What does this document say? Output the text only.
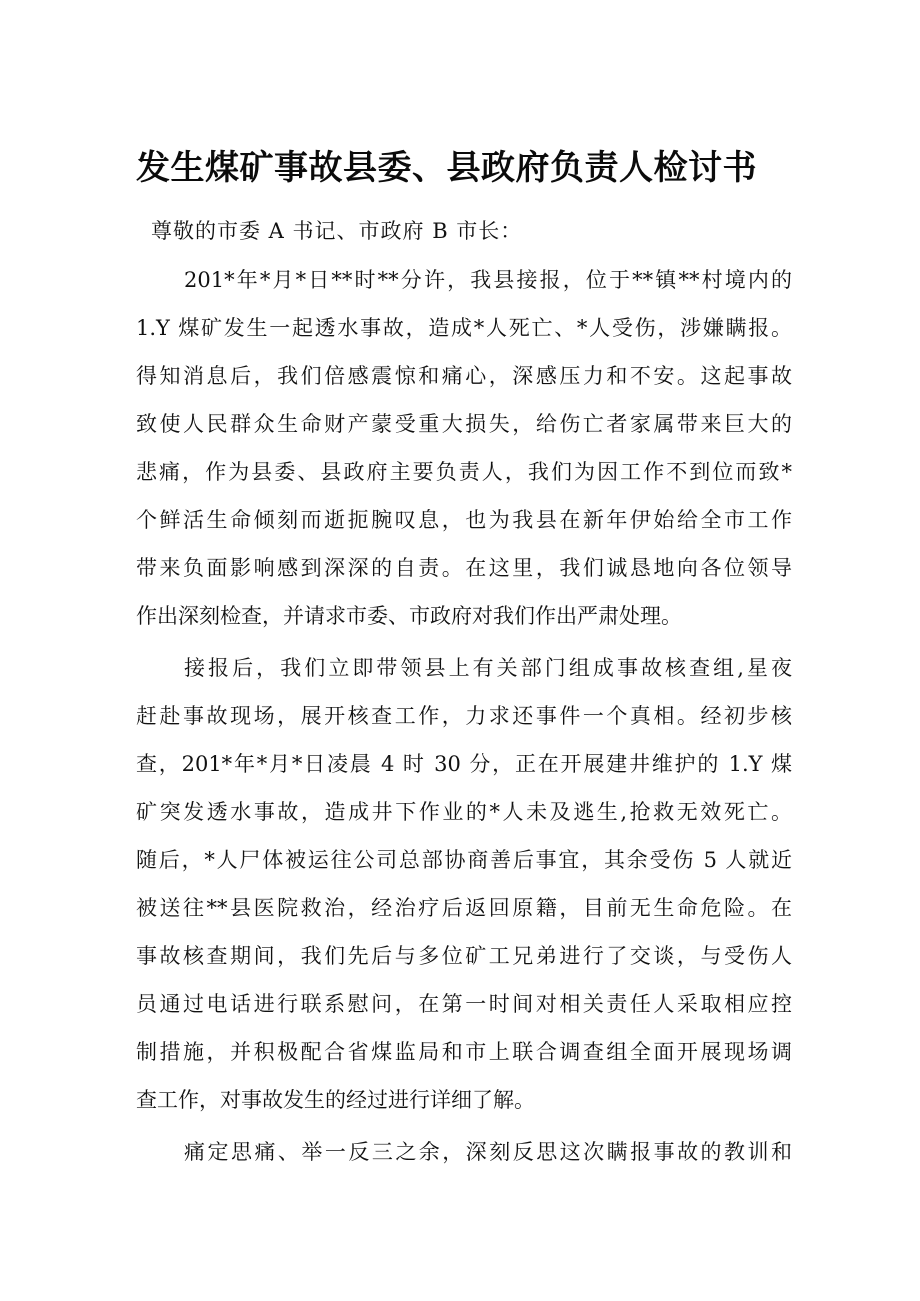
发生煤矿事故县委、县政府负责人检讨书

尊敬的市委 A 书记、市政府 B 市长：

201*年*月*日**时**分许，我县接报，位于**镇**村境内的
1.Y 煤矿发生一起透水事故，造成*人死亡、*人受伤，涉嫌瞒报。
得知消息后，我们倍感震惊和痛心，深感压力和不安。这起事故
致使人民群众生命财产蒙受重大损失，给伤亡者家属带来巨大的
悲痛，作为县委、县政府主要负责人，我们为因工作不到位而致*
个鲜活生命倾刻而逝扼腕叹息，也为我县在新年伊始给全市工作
带来负面影响感到深深的自责。在这里，我们诚恳地向各位领导
作出深刻检查，并请求市委、市政府对我们作出严肃处理。
接报后，我们立即带领县上有关部门组成事故核查组,星夜
赶赴事故现场，展开核查工作，力求还事件一个真相。经初步核
查，201*年*月*日凌晨 4 时 30 分，正在开展建井维护的 1.Y 煤
矿突发透水事故，造成井下作业的*人未及逃生,抢救无效死亡。
随后，*人尸体被运往公司总部协商善后事宜，其余受伤 5 人就近
被送往**县医院救治，经治疗后返回原籍，目前无生命危险。在
事故核查期间，我们先后与多位矿工兄弟进行了交谈，与受伤人
员通过电话进行联系慰问，在第一时间对相关责任人采取相应控
制措施，并积极配合省煤监局和市上联合调查组全面开展现场调
查工作，对事故发生的经过进行详细了解。
痛定思痛、举一反三之余，深刻反思这次瞒报事故的教训和
